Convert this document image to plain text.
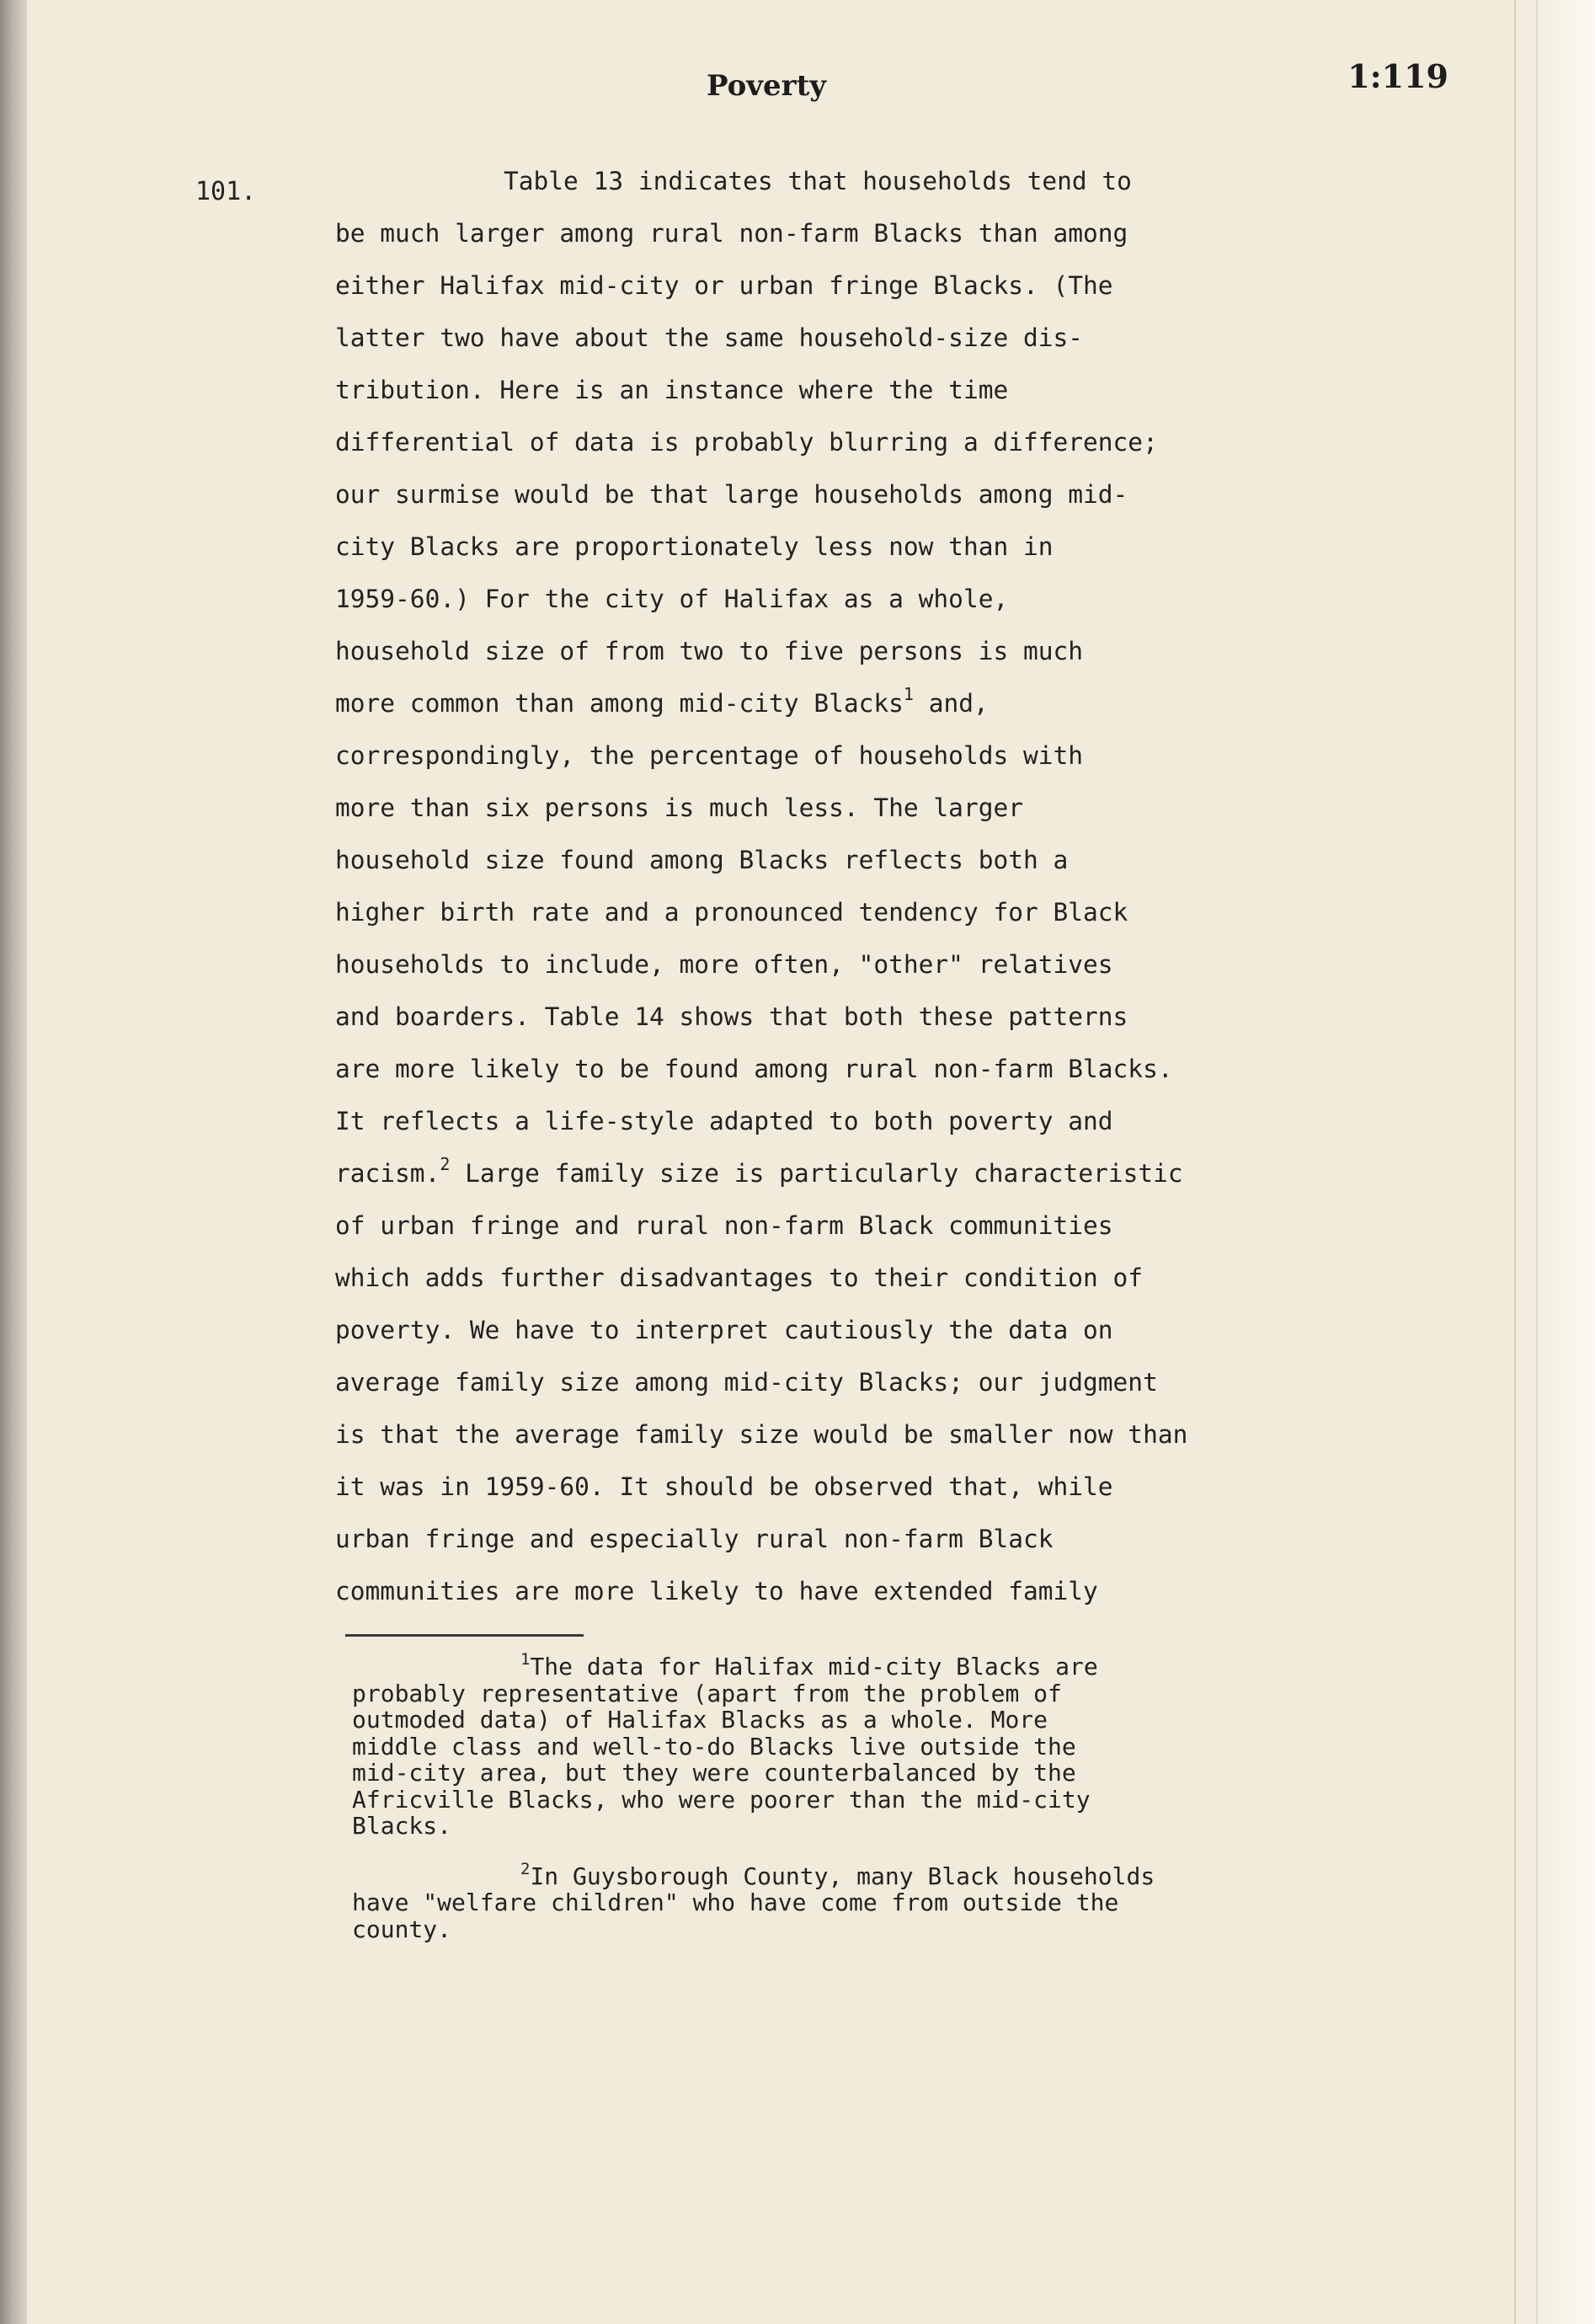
Poverty	1:119
101.	Table 13 indicates that households tend to
be much larger among rural non-farm Blacks than among
either Halifax mid-city or urban fringe Blacks. (The
latter two have about the same household-size dis-
tribution. Here is an instance where the time
differential of data is probably blurring a difference;
our surmise would be that large households among mid-
city Blacks are proportionately less now than in
1959-60.) For the city of Halifax as a whole,
household size of from two to five persons is much
more common than among mid-city Blacks$^1$ and,
correspondingly, the percentage of households with
more than six persons is much less. The larger
household size found among Blacks reflects both a
higher birth rate and a pronounced tendency for Black
households to include, more often, "other" relatives
and boarders. Table 14 shows that both these patterns
are more likely to be found among rural non-farm Blacks.
It reflects a life-style adapted to both poverty and
racism.$^2$ Large family size is particularly characteristic
of urban fringe and rural non-farm Black communities
which adds further disadvantages to their condition of
poverty. We have to interpret cautiously the data on
average family size among mid-city Blacks; our judgment
is that the average family size would be smaller now than
it was in 1959-60. It should be observed that, while
urban fringe and especially rural non-farm Black
communities are more likely to have extended family
$^1$The data for Halifax mid-city Blacks are
probably representative (apart from the problem of
outmoded data) of Halifax Blacks as a whole. More
middle class and well-to-do Blacks live outside the
mid-city area, but they were counterbalanced by the
Africville Blacks, who were poorer than the mid-city
Blacks.
$^2$In Guysborough County, many Black households
have "welfare children" who have come from outside the
county.
